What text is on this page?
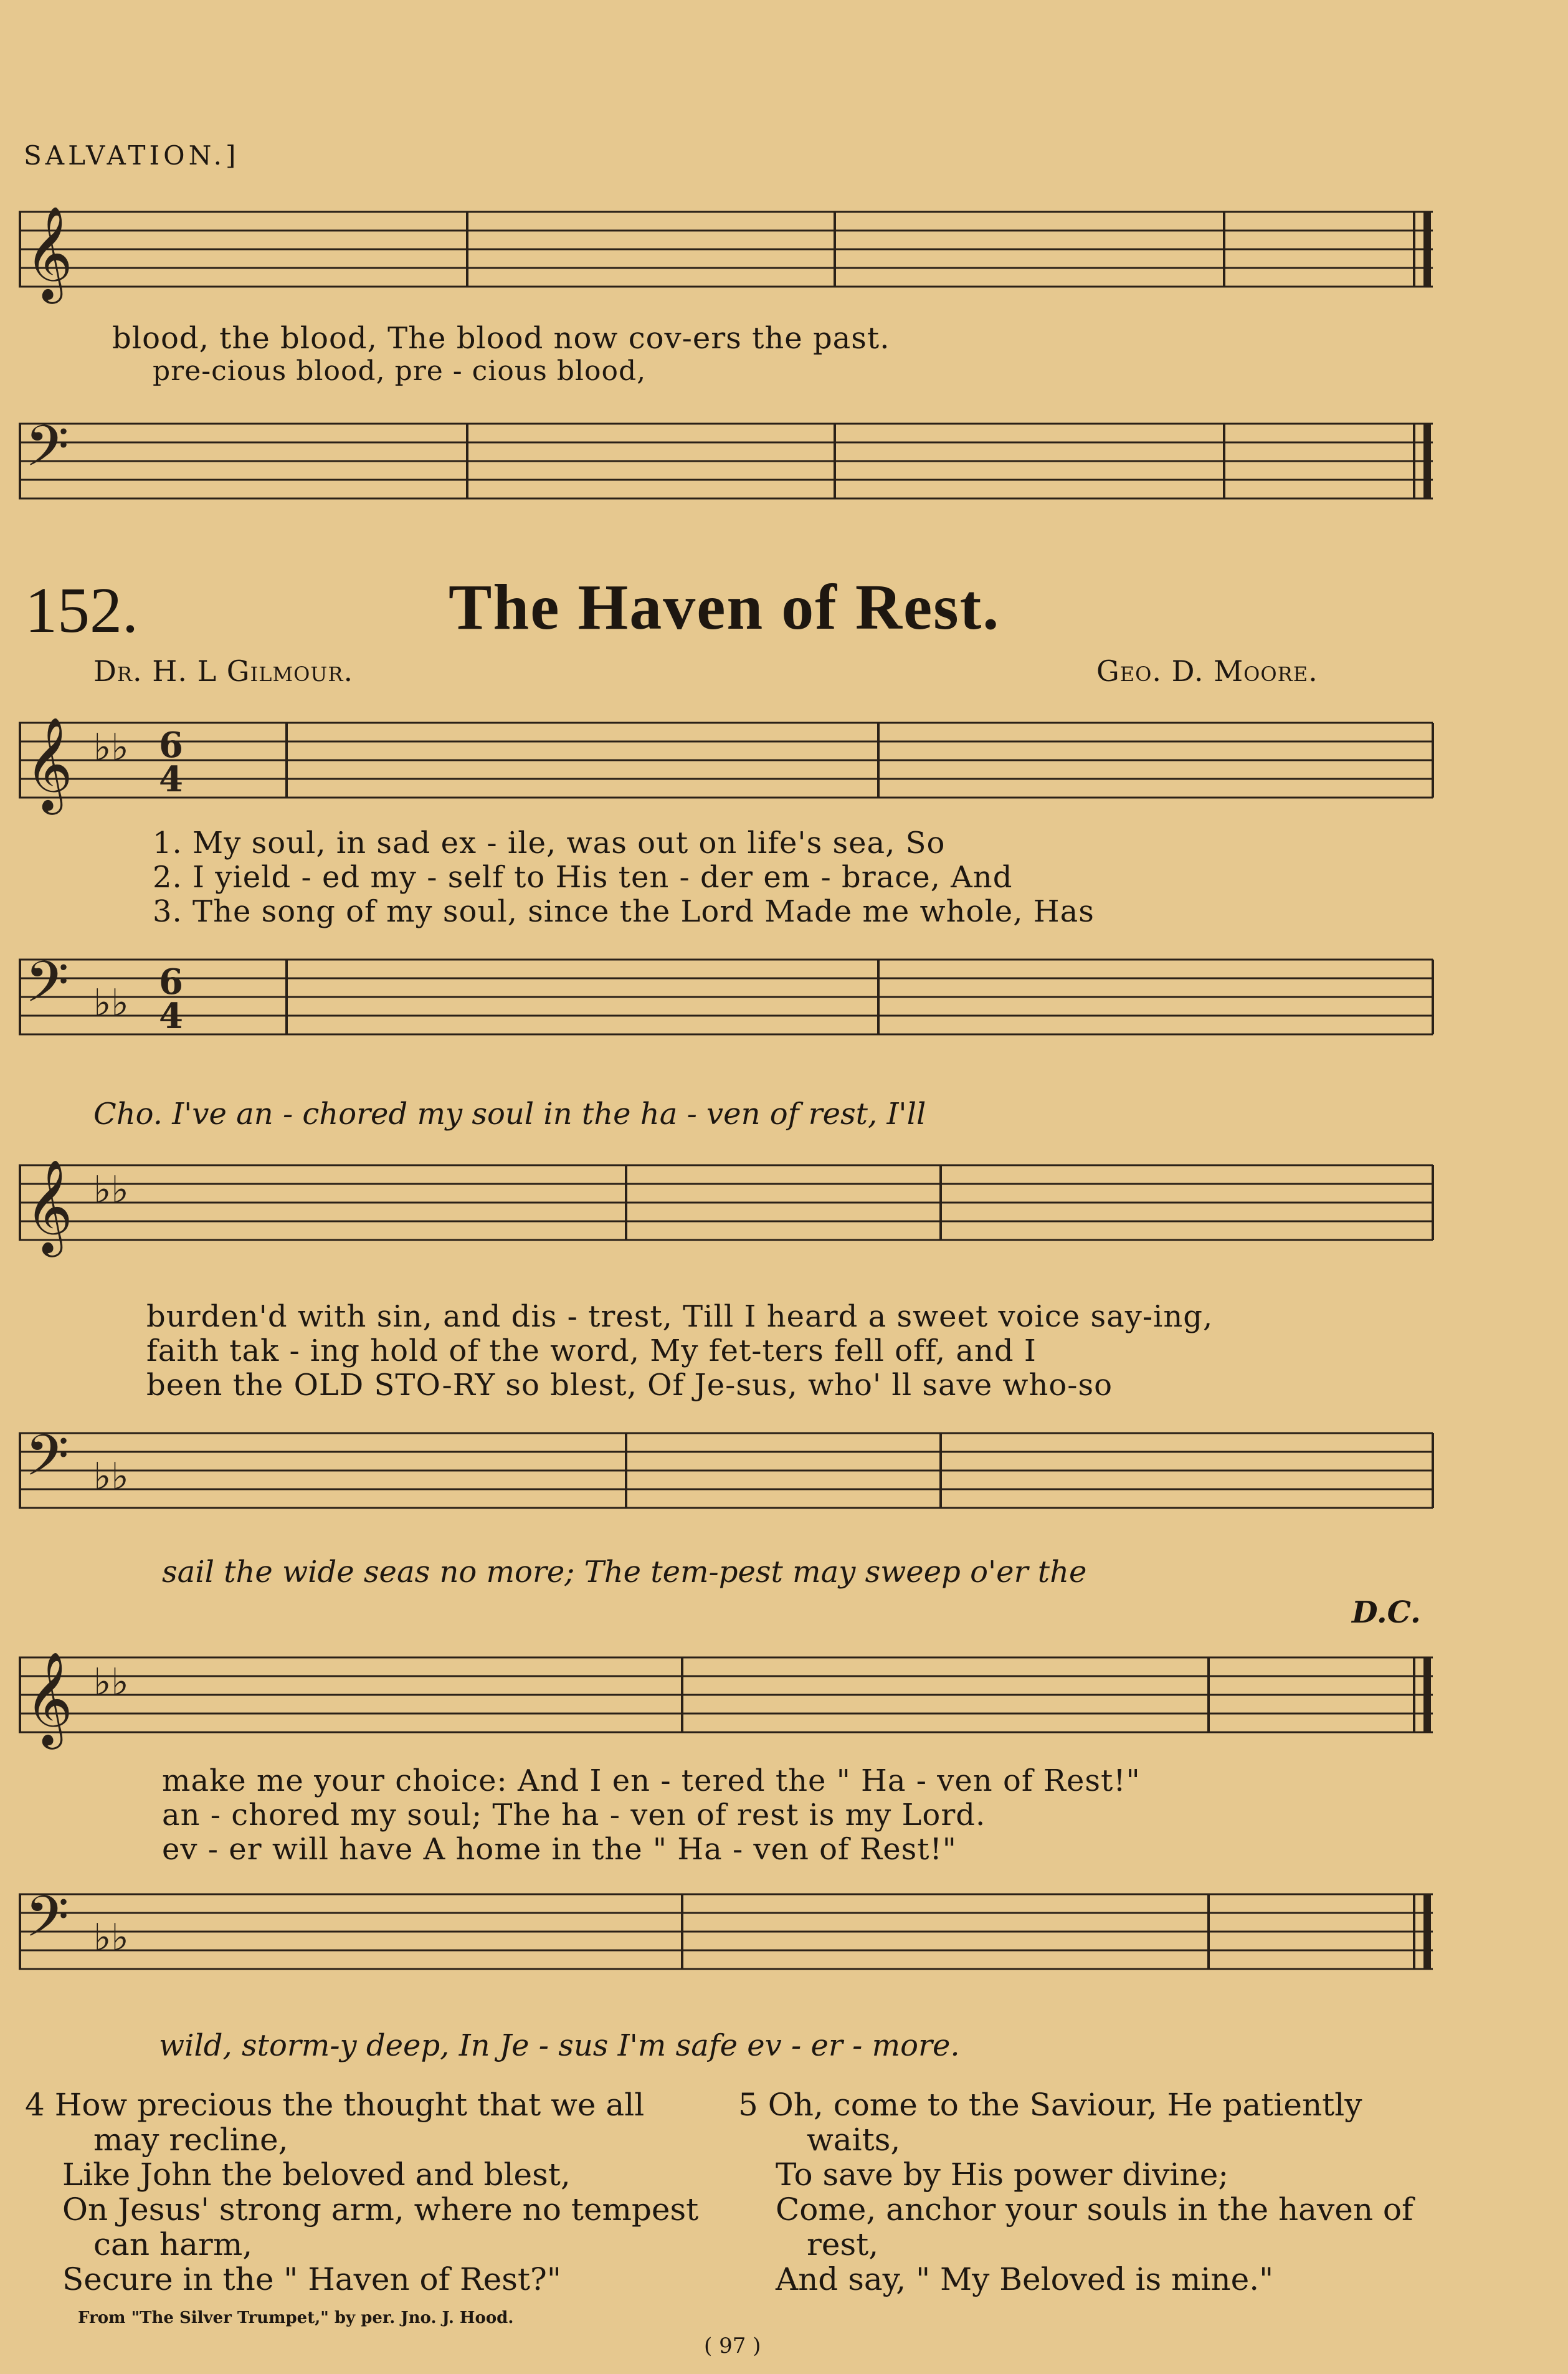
SALVATION.]
𝄞
blood, the blood, The blood now cov-ers the past.
pre-cious blood, pre - cious blood,
𝄢
152.	The Haven of Rest.
Dr. H. L Gilmour.	Geo. D. Moore.
𝄞 ♭♭ 6
4
1. My soul, in sad ex - ile, was out on life's sea, So
2. I yield - ed my - self to His ten - der em - brace, And
3. The song of my soul, since the Lord Made me whole, Has
𝄢 ♭♭ 6
4
Cho. I've an - chored my soul in the ha - ven of rest, I'll
𝄞 ♭♭
burden'd with sin, and dis - trest, Till I heard a sweet voice say-ing,
faith tak - ing hold of the word, My fet-ters fell off, and I
been the OLD STO-RY so blest, Of Je-sus, who' ll save who-so
𝄢 ♭♭
sail the wide seas no more; The tem-pest may sweep o'er the
D.C.
𝄞 ♭♭
make me your choice: And I en - tered the " Ha - ven of Rest!"
an - chored my soul; The ha - ven of rest is my Lord.
ev - er will have A home in the " Ha - ven of Rest!"
𝄢 ♭♭
wild, storm-y deep, In Je - sus I'm safe ev - er - more.
4 How precious the thought that we all
may recline,
Like John the beloved and blest,
On Jesus' strong arm, where no tempest
can harm,
Secure in the " Haven of Rest?"
5 Oh, come to the Saviour, He patiently
waits,
To save by His power divine;
Come, anchor your souls in the haven of
rest,
And say, " My Beloved is mine."
From "The Silver Trumpet," by per. Jno. J. Hood.
( 97 )
